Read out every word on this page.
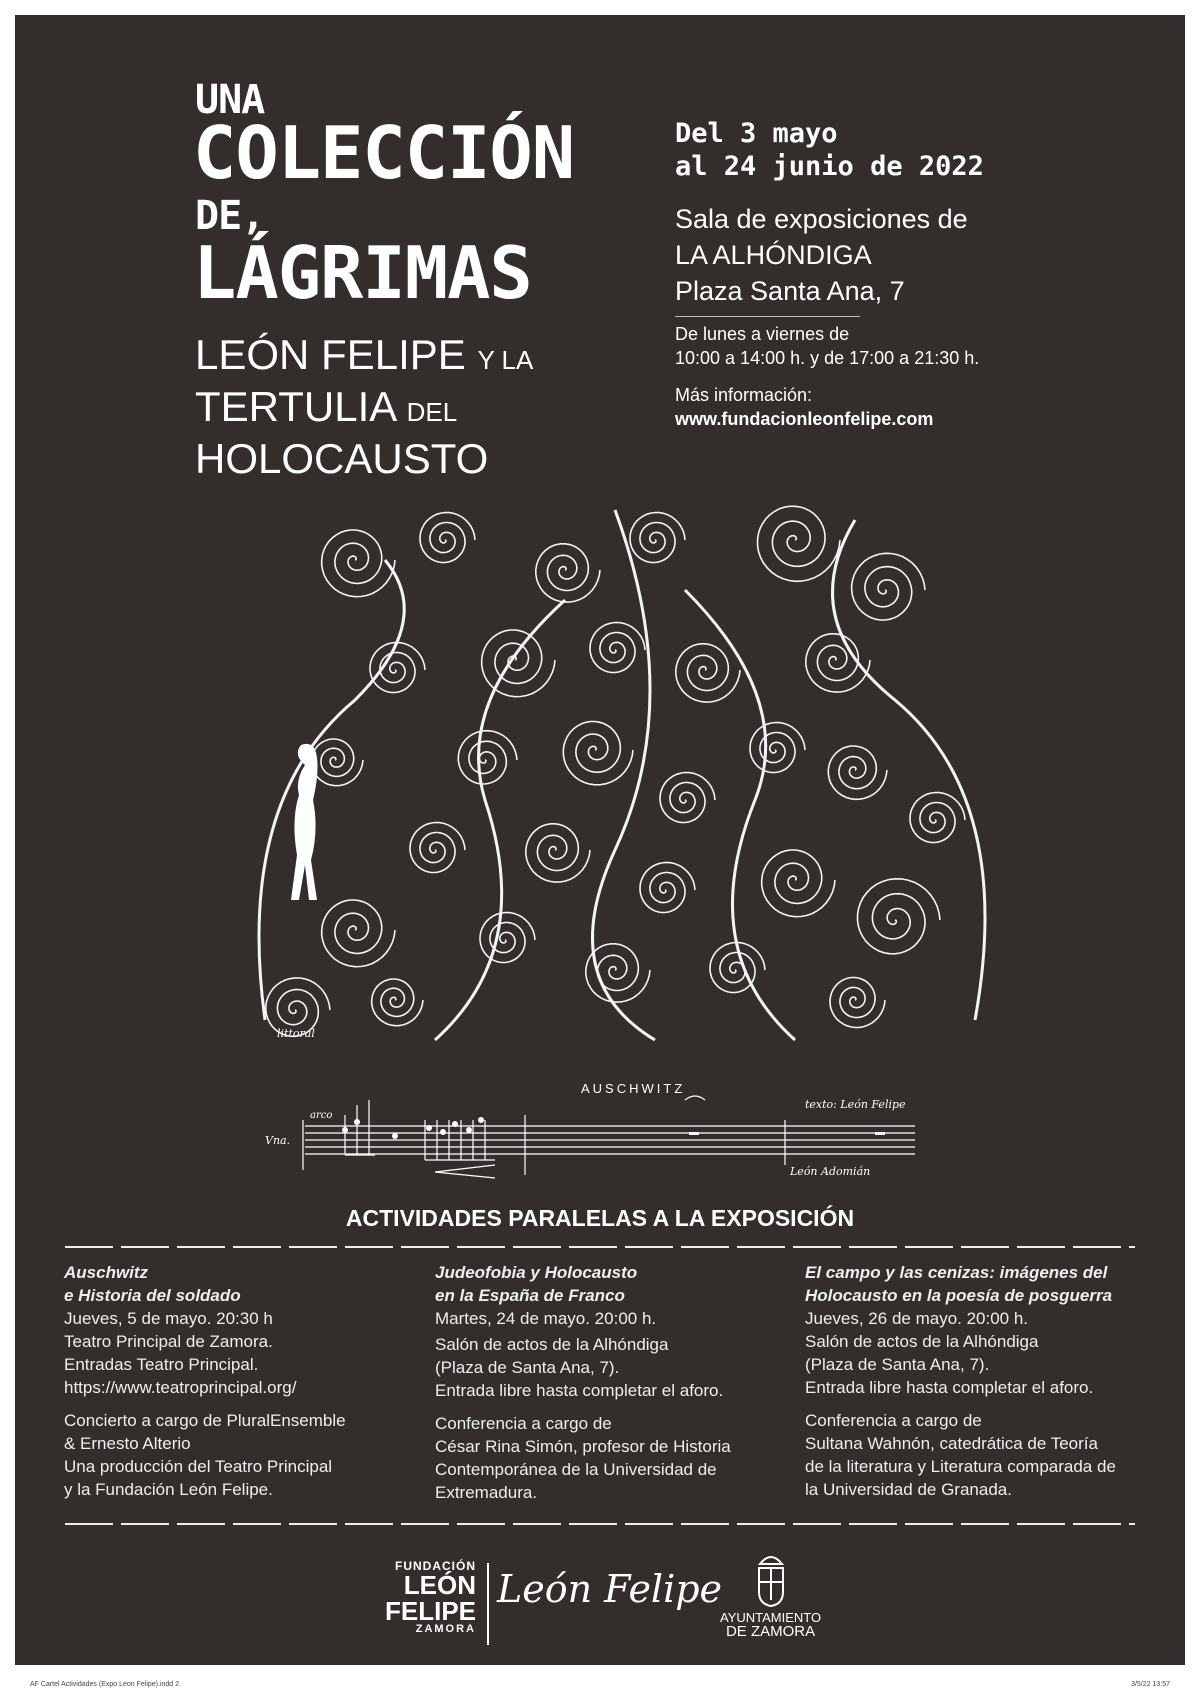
UNA
COLECCIÓN
DE,
LÁGRIMAS
LEÓN FELIPE Y LA
TERTULIA DEL
HOLOCAUSTO
Del 3 mayo
al 24 junio de 2022
Sala de exposiciones de
LA ALHÓNDIGA
Plaza Santa Ana, 7
De lunes a viernes de
10:00 a 14:00 h. y de 17:00 a 21:30 h.
Más información:
www.fundacionleonfelipe.com
littoral
AUSCHWITZ
texto: León Felipe
Vna.
arco
León Adomián
ACTIVIDADES PARALELAS A LA EXPOSICIÓN
Auschwitz
e Historia del soldado
Jueves, 5 de mayo. 20:30 h

Teatro Principal de Zamora.
Entradas Teatro Principal.
https://www.teatroprincipal.org/

Concierto a cargo de PluralEnsemble
& Ernesto Alterio
Una producción del Teatro Principal
y la Fundación León Felipe.

Judeofobia y Holocausto
en la España de Franco

Martes, 24 de mayo. 20:00 h.

Salón de actos de la Alhóndiga
(Plaza de Santa Ana, 7).
Entrada libre hasta completar el aforo.

Conferencia a cargo de
César Rina Simón, profesor de Historia
Contemporánea de la Universidad de
Extremadura.

El campo y las cenizas: imágenes del
Holocausto en la poesía de posguerra
Jueves, 26 de mayo. 20:00 h.

Salón de actos de la Alhóndiga
(Plaza de Santa Ana, 7).
Entrada libre hasta completar el aforo.

Conferencia a cargo de
Sultana Wahnón, catedrática de Teoría
de la literatura y Literatura comparada de
la Universidad de Granada.

FUNDACIÓN
LEÓN
FELIPE
ZAMORA
León Felipe
AYUNTAMIENTO
DE ZAMORA
AF Cartel Actividades (Expo Leon Felipe).indd 2	3/5/22 13:57
